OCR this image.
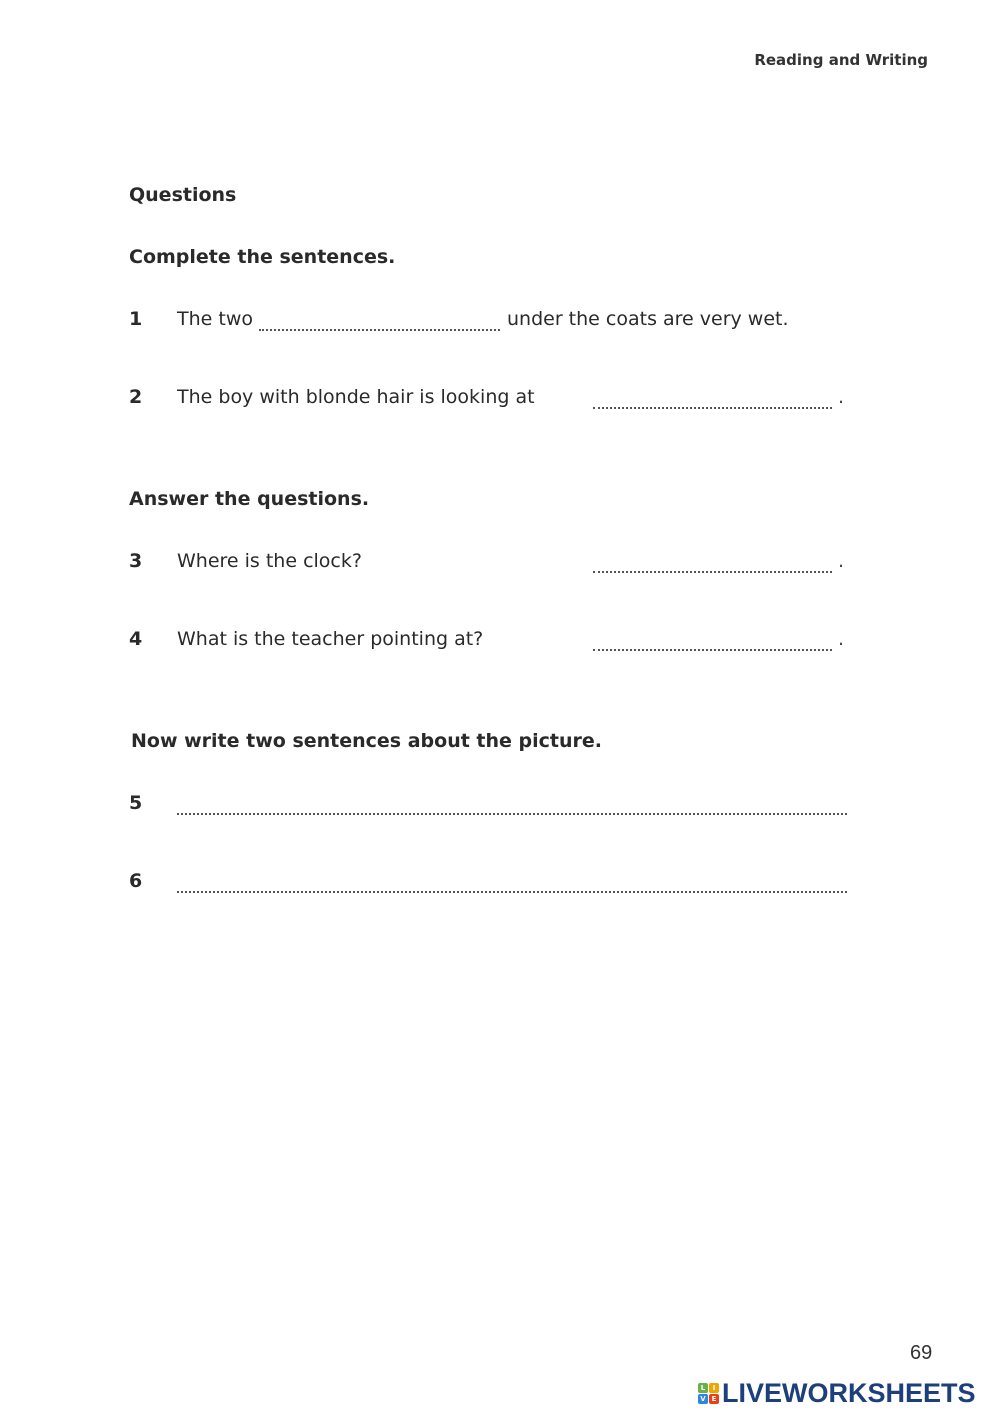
Reading and Writing
Questions
Complete the sentences.
1 The two	under the coats are very wet.
2 The boy with blonde hair is looking at	.
Answer the questions.
3 Where is the clock?	.
4 What is the teacher pointing at?	.
Now write two sentences about the picture.
5
6
69
L	I
V E LIVEWORKSHEETS
